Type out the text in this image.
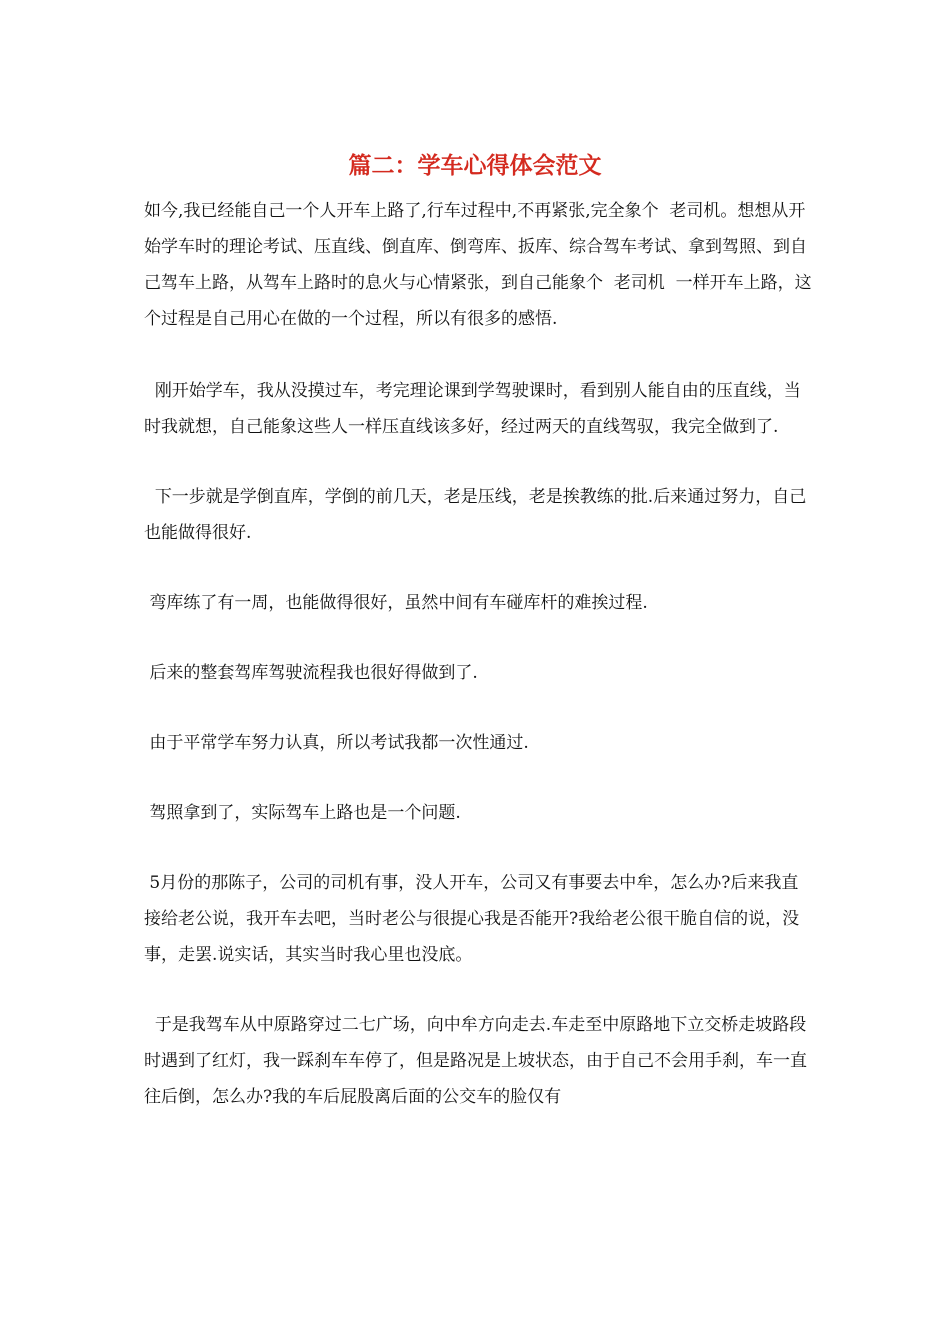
篇二：学车心得体会范文

如今,我已经能自己一个人开车上路了,行车过程中,不再紧张,完全象个  老司机。想想从开始学车时的理论考试、压直线、倒直库、倒弯库、扳库、综合驾车考试、拿到驾照、到自己驾车上路，从驾车上路时的息火与心情紧张，到自己能象个  老司机  一样开车上路，这个过程是自己用心在做的一个过程，所以有很多的感悟.

刚开始学车，我从没摸过车，考完理论课到学驾驶课时，看到别人能自由的压直线，当时我就想，自己能象这些人一样压直线该多好，经过两天的直线驾驭，我完全做到了.

下一步就是学倒直库，学倒的前几天，老是压线，老是挨教练的批.后来通过努力，自己也能做得很好.

弯库练了有一周，也能做得很好，虽然中间有车碰库杆的难挨过程.

后来的整套驾库驾驶流程我也很好得做到了.

由于平常学车努力认真，所以考试我都一次性通过.

驾照拿到了，实际驾车上路也是一个问题.

5月份的那陈子，公司的司机有事，没人开车，公司又有事要去中牟，怎么办?后来我直接给老公说，我开车去吧，当时老公与很提心我是否能开?我给老公很干脆自信的说，没事，走罢.说实话，其实当时我心里也没底。

于是我驾车从中原路穿过二七广场，向中牟方向走去.车走至中原路地下立交桥走坡路段时遇到了红灯，我一踩刹车车停了，但是路况是上坡状态，由于自己不会用手刹，车一直往后倒，怎么办?我的车后屁股离后面的公交车的脸仅有
